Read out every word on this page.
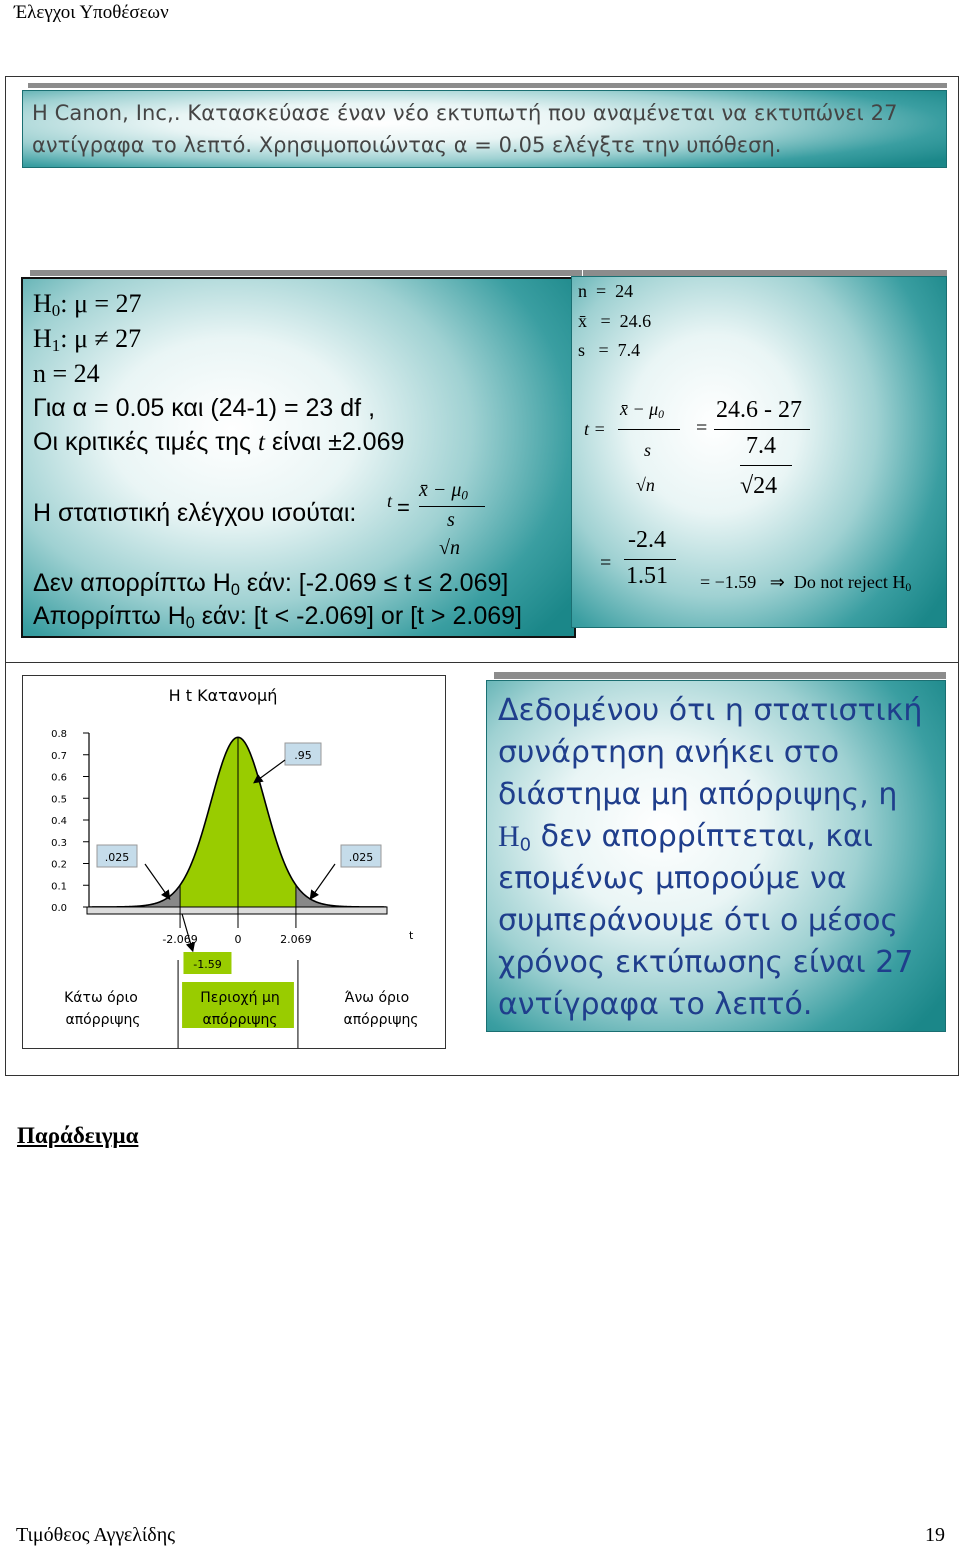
Έλεγχοι Υποθέσεων
H Canon, Inc,. Κατασκεύασε έναν νέο εκτυπωτή που αναμένεται να εκτυπώνει 27
αντίγραφα το λεπτό. Χρησιμοποιώντας α = 0.05 ελέγξτε την υπόθεση.
$H_0$: μ = 27
$H_1$: μ ≠ 27
n = 24
Για α = 0.05 και (24-1) = 23 df ,
Οι κριτικές τιμές της t είναι ±2.069
Η στατιστική ελέγχου ισούται: t =
x̄ − $\mu_0$
s
√n
Δεν απορρίπτω $H_0$ εάν: [-2.069 ≤ t ≤ 2.069]
Απορρίπτω $H_0$ εάν: [t < -2.069] or [t > 2.069]
n  =  24
x̄   =  24.6
s   =  7.4
t =
x̄ − $\mu_0$
s
√n
=
24.6 - 27
7.4
√24
=
-2.4
1.51	= −1.59   ⇒  Do not reject $H_0$

Η t Κατανομή
0.8
0.7
0.6
0.5
0.4
0.3
0.2
0.1
0.0
-2.069	0	2.069	t
.95
.025	.025
-1.59
Κάτω όριο
απόρριψης
Περιοχή μη
απόρριψης
Άνω όριο
απόρριψης
Δεδομένου ότι η στατιστική
συνάρτηση ανήκει στο
διάστημα μη απόρριψης, η
$H_0$ δεν απορρίπτεται, και
επομένως μπορούμε να
συμπεράνουμε ότι ο μέσος
χρόνος εκτύπωσης είναι 27
αντίγραφα το λεπτό.
Παράδειγμα
Τιμόθεος Αγγελίδης	19
